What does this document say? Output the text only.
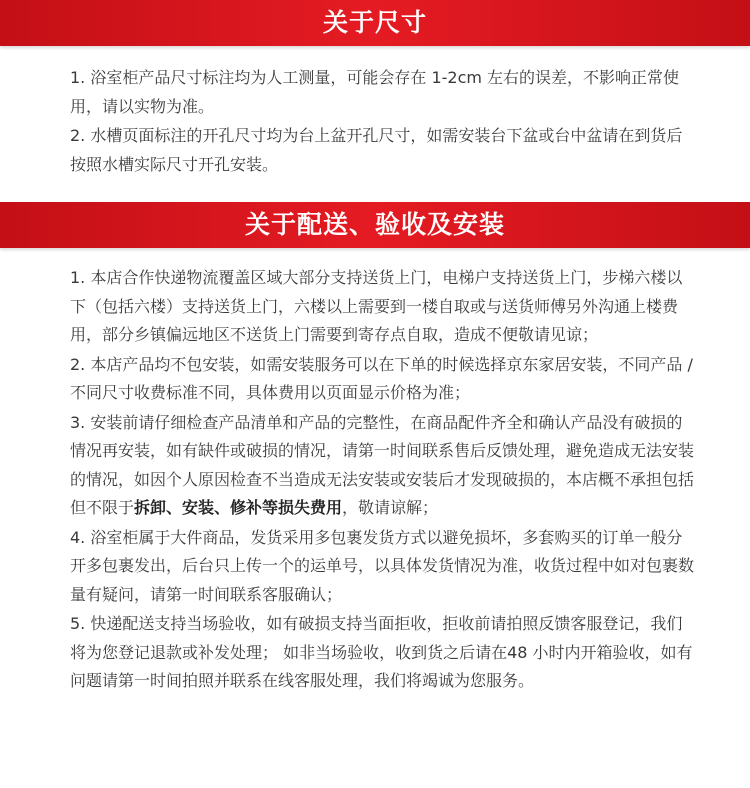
关于尺寸

1. 浴室柜产品尺寸标注均为人工测量，可能会存在 1-2cm 左右的误差，不影响正常使用，请以实物为准。

2. 水槽页面标注的开孔尺寸均为台上盆开孔尺寸，如需安装台下盆或台中盆请在到货后按照水槽实际尺寸开孔安装。

关于配送、验收及安装

1. 本店合作快递物流覆盖区域大部分支持送货上门，电梯户支持送货上门，步梯六楼以下（包括六楼）支持送货上门，六楼以上需要到一楼自取或与送货师傅另外沟通上楼费用，部分乡镇偏远地区不送货上门需要到寄存点自取，造成不便敬请见谅；

2. 本店产品均不包安装，如需安装服务可以在下单的时候选择京东家居安装，不同产品 / 不同尺寸收费标准不同，具体费用以页面显示价格为准；

3. 安装前请仔细检查产品清单和产品的完整性，在商品配件齐全和确认产品没有破损的情况再安装，如有缺件或破损的情况，请第一时间联系售后反馈处理，避免造成无法安装的情况，如因个人原因检查不当造成无法安装或安装后才发现破损的，本店概不承担包括但不限于拆卸、安装、修补等损失费用，敬请谅解；

4. 浴室柜属于大件商品，发货采用多包裹发货方式以避免损坏，多套购买的订单一般分开多包裹发出，后台只上传一个的运单号，以具体发货情况为准，收货过程中如对包裹数量有疑问，请第一时间联系客服确认；

5. 快递配送支持当场验收，如有破损支持当面拒收，拒收前请拍照反馈客服登记，我们将为您登记退款或补发处理； 如非当场验收，收到货之后请在48 小时内开箱验收，如有问题请第一时间拍照并联系在线客服处理，我们将竭诚为您服务。
